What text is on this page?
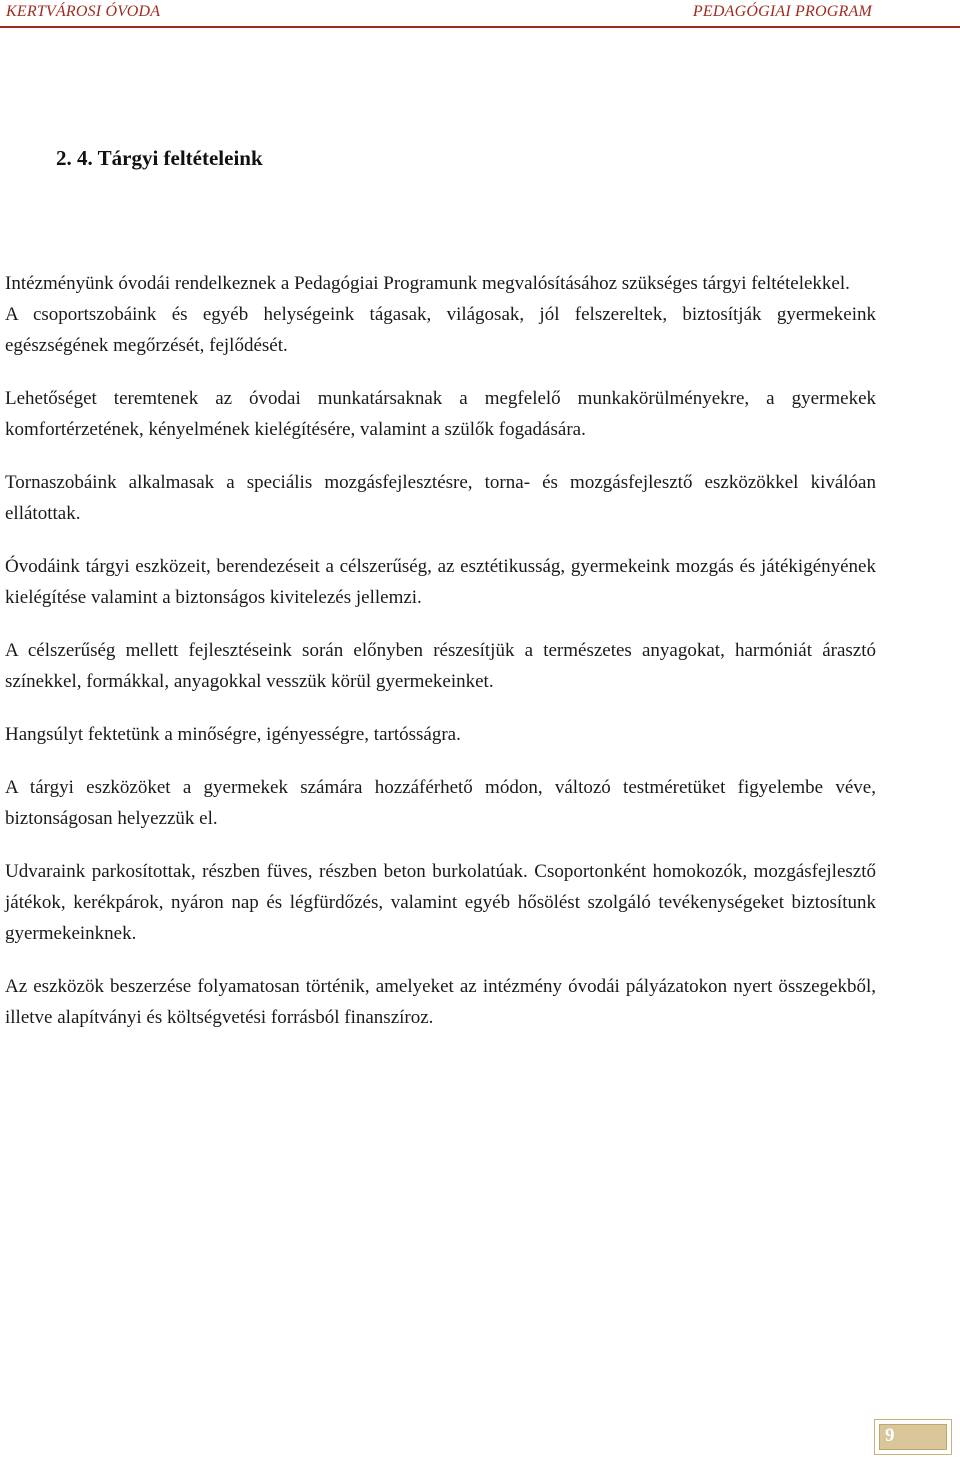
KERTVÁROSI ÓVODA	PEDAGÓGIAI PROGRAM
2. 4. Tárgyi feltételeink

Intézményünk óvodái rendelkeznek a Pedagógiai Programunk megvalósításához szükséges tárgyi feltételekkel.

A csoportszobáink és egyéb helységeink tágasak, világosak, jól felszereltek, biztosítják gyermekeink egészségének megőrzését, fejlődését.

Lehetőséget teremtenek az óvodai munkatársaknak a megfelelő munkakörülményekre, a gyermekek komfortérzetének, kényelmének kielégítésére, valamint a szülők fogadására.

Tornaszobáink alkalmasak a speciális mozgásfejlesztésre, torna- és mozgásfejlesztő eszközökkel kiválóan ellátottak.

Óvodáink tárgyi eszközeit, berendezéseit a célszerűség, az esztétikusság, gyermekeink mozgás és játékigényének kielégítése valamint a biztonságos kivitelezés jellemzi.

A célszerűség mellett fejlesztéseink során előnyben részesítjük a természetes anyagokat, harmóniát árasztó színekkel, formákkal, anyagokkal vesszük körül gyermekeinket.

Hangsúlyt fektetünk a minőségre, igényességre, tartósságra.

A tárgyi eszközöket a gyermekek számára hozzáférhető módon, változó testméretüket figyelembe véve, biztonságosan helyezzük el.

Udvaraink parkosítottak, részben füves, részben beton burkolatúak. Csoportonként homokozók, mozgásfejlesztő játékok, kerékpárok, nyáron nap és légfürdőzés, valamint egyéb hősölést szolgáló tevékenységeket biztosítunk gyermekeinknek.

Az eszközök beszerzése folyamatosan történik, amelyeket az intézmény óvodái pályázatokon nyert összegekből, illetve alapítványi és költségvetési forrásból finanszíroz.

9
